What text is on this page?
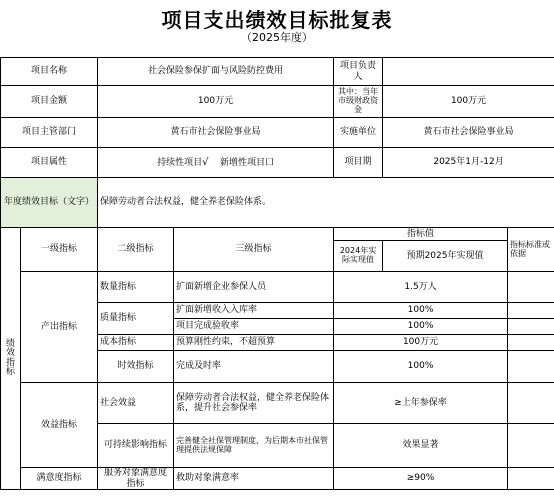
项目支出绩效目标批复表
（2025年度）
项目名称		社会保险参保扩面与风险防控费用		项目负责人		
项目金额		100万元		其中：当年市级财政资金	100万元	
项目主管部门		黄石市社会保险事业局		实施单位	黄石市社会保险事业局	
项目属性		持续性项目√ 新增性项目口		项目期	2025年1月-12月	
年度绩效目标（文字）		保障劳动者合法权益，健全养老保险体系。				
绩效指标	一级指标	二级指标	三级指标	指标值		指标标准或依据
				2024年实际实现值	预期2025年实现值	
	产出指标	数量指标	扩面新增企业参保人员	1.5万人		
		质量指标	扩面新增收入入库率	100%		
			项目完成验收率	100%		
		成本指标	预算刚性约束，不超预算	100万元		
		时效指标	完成及时率	100%		
	效益指标	社会效益	保障劳动者合法权益，健全养老保险体系，提升社会参保率	≥上年参保率		
		可持续影响指标	完善健全社保管理制度，为后期本市社保管理提供法规保障	效果显著		
	满意度指标	服务对象满意度指标	救助对象满意率	≥90%		
